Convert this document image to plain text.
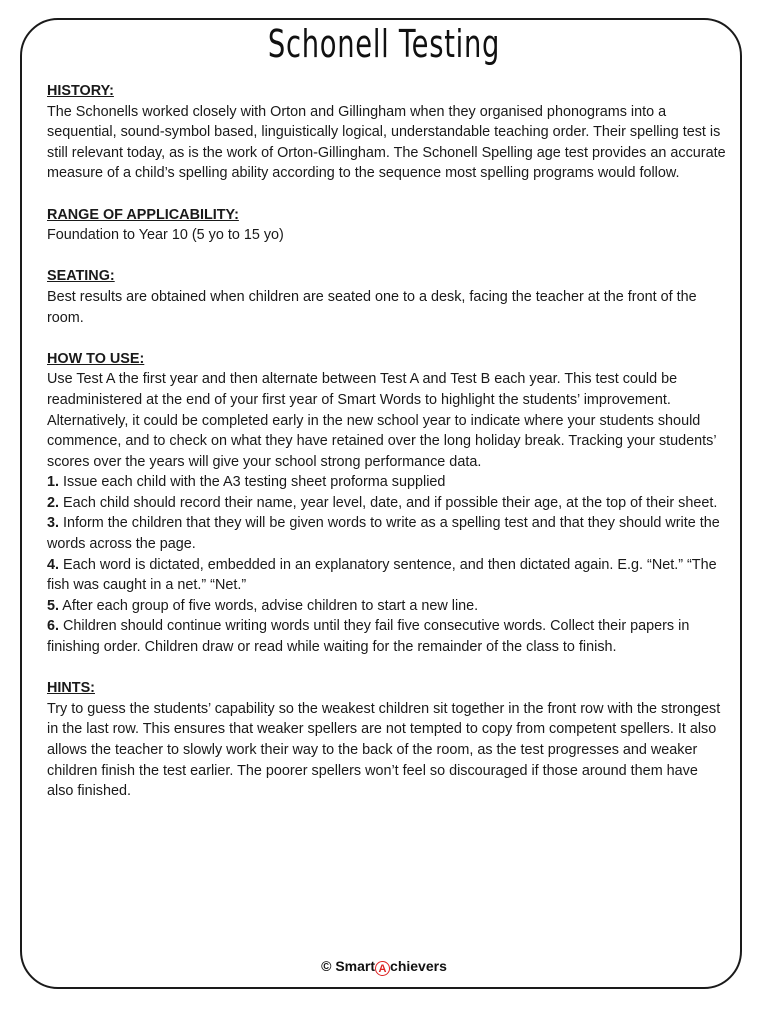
Schonell Testing
HISTORY:

The Schonells worked closely with Orton and Gillingham when they organised phonograms into a sequential, sound-symbol based, linguistically logical, understandable teaching order. Their spelling test is still relevant today, as is the work of Orton-Gillingham. The Schonell Spelling age test provides an accurate measure of a child’s spelling ability according to the sequence most spelling programs would follow.

RANGE OF APPLICABILITY:

Foundation to Year 10 (5 yo to 15 yo)

SEATING:

Best results are obtained when children are seated one to a desk, facing the teacher at the front of the room.

HOW TO USE:

Use Test A the first year and then alternate between Test A and Test B each year. This test could be readministered at the end of your first year of Smart Words to highlight the students’ improvement. Alternatively, it could be completed early in the new school year to indicate where your students should commence, and to check on what they have retained over the long holiday break. Tracking your students’ scores over the years will give your school strong performance data.

1. Issue each child with the A3 testing sheet proforma supplied

2. Each child should record their name, year level, date, and if possible their age, at the top of their sheet.

3. Inform the children that they will be given words to write as a spelling test and that they should write the words across the page.

4. Each word is dictated, embedded in an explanatory sentence, and then dictated again. E.g. “Net.” “The fish was caught in a net.” “Net.”

5. After each group of five words, advise children to start a new line.

6. Children should continue writing words until they fail five consecutive words. Collect their papers in finishing order. Children draw or read while waiting for the remainder of the class to finish.

HINTS:

Try to guess the students’ capability so the weakest children sit together in the front row with the strongest in the last row. This ensures that weaker spellers are not tempted to copy from competent spellers. It also allows the teacher to slowly work their way to the back of the room, as the test progresses and weaker children finish the test earlier. The poorer spellers won’t feel so discouraged if those around them have also finished.

© Smart A chievers
